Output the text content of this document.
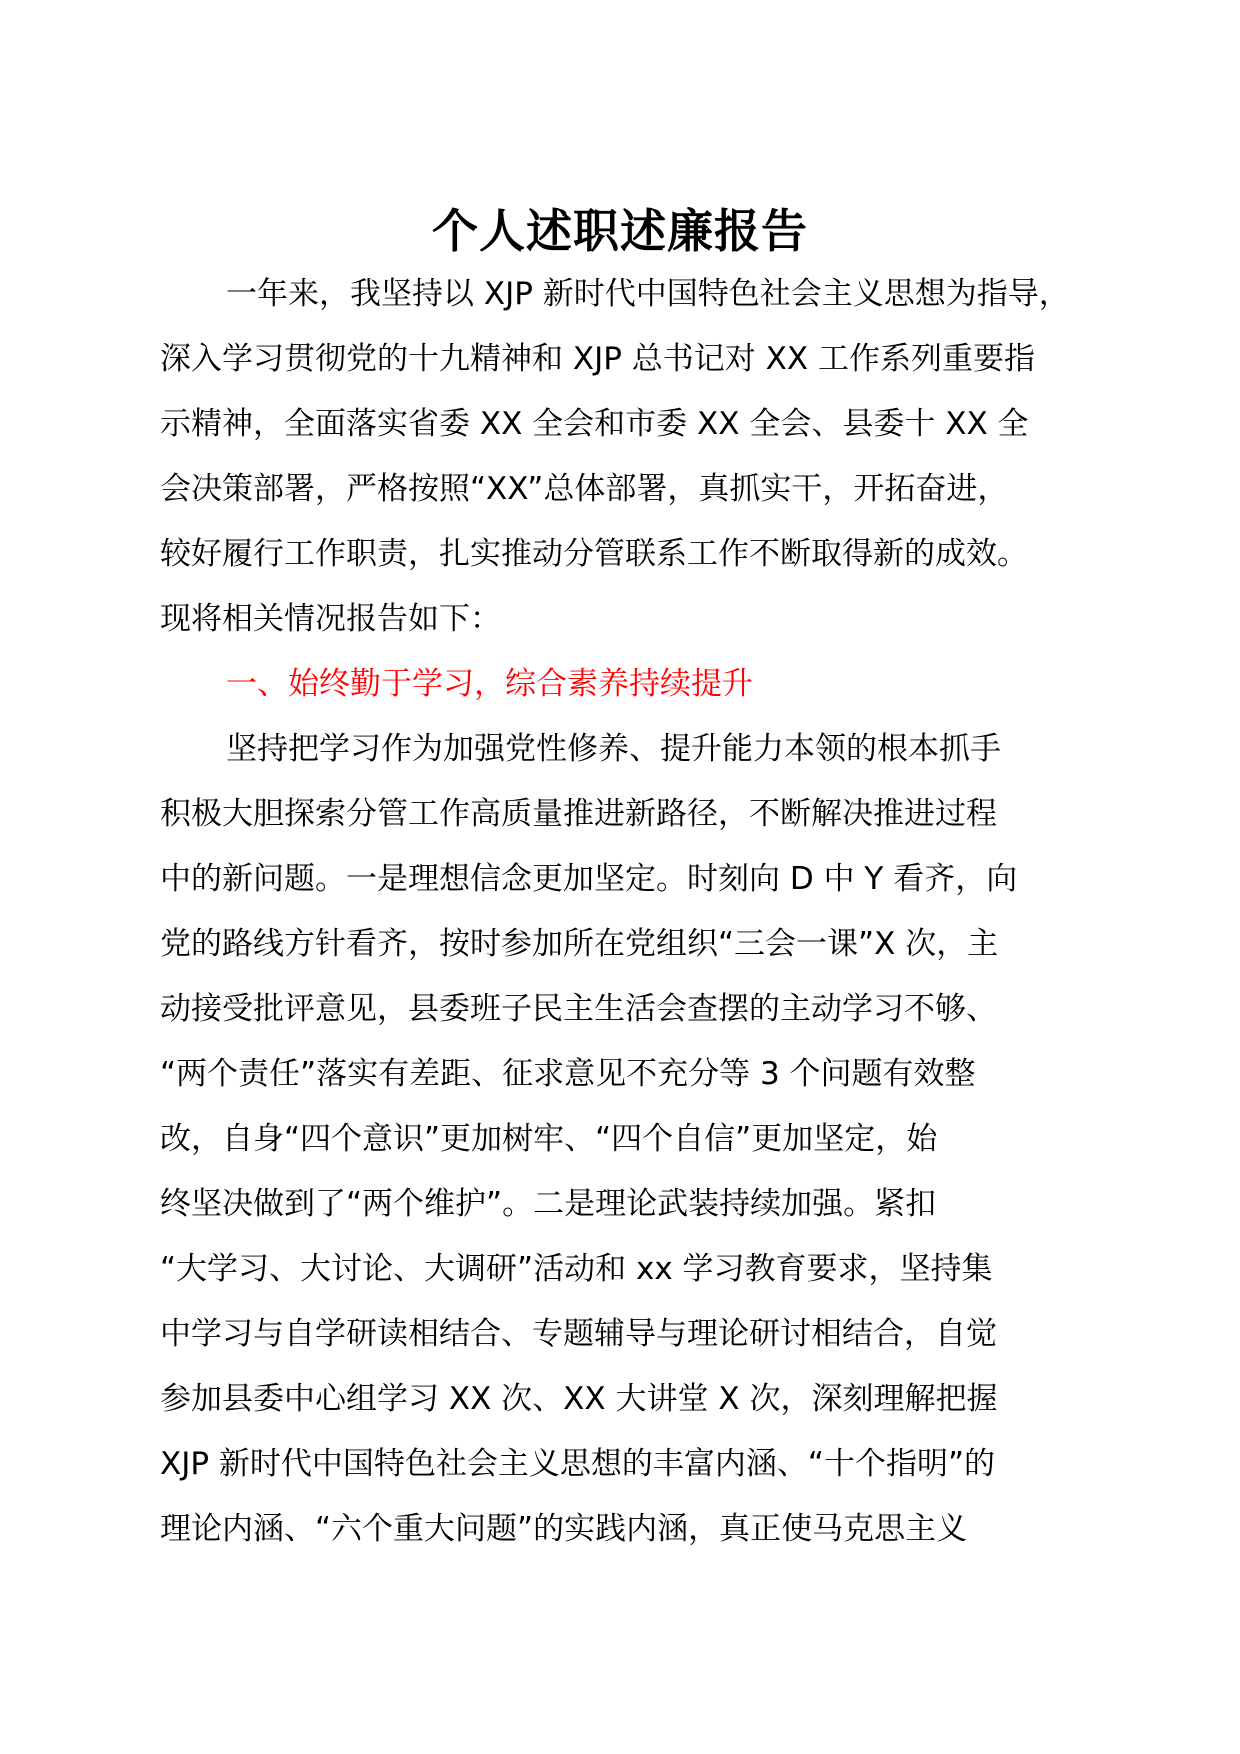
个人述职述廉报告
一年来，我坚持以 XJP 新时代中国特色社会主义思想为指导，
深入学习贯彻党的十九精神和 XJP 总书记对 XX 工作系列重要指
示精神，全面落实省委 XX 全会和市委 XX 全会、县委十 XX 全
会决策部署，严格按照“XX”总体部署，真抓实干，开拓奋进，
较好履行工作职责，扎实推动分管联系工作不断取得新的成效。
现将相关情况报告如下：
一、始终勤于学习，综合素养持续提升
坚持把学习作为加强党性修养、提升能力本领的根本抓手
积极大胆探索分管工作高质量推进新路径，不断解决推进过程
中的新问题。一是理想信念更加坚定。时刻向 D 中 Y 看齐，向
党的路线方针看齐，按时参加所在党组织“三会一课”X 次，主
动接受批评意见，县委班子民主生活会查摆的主动学习不够、
“两个责任”落实有差距、征求意见不充分等 3 个问题有效整
改，自身“四个意识”更加树牢、“四个自信”更加坚定，始
终坚决做到了“两个维护”。二是理论武装持续加强。紧扣
“大学习、大讨论、大调研”活动和 xx 学习教育要求，坚持集
中学习与自学研读相结合、专题辅导与理论研讨相结合，自觉
参加县委中心组学习 XX 次、XX 大讲堂 X 次，深刻理解把握
XJP 新时代中国特色社会主义思想的丰富内涵、“十个指明”的
理论内涵、“六个重大问题”的实践内涵，真正使马克思主义
